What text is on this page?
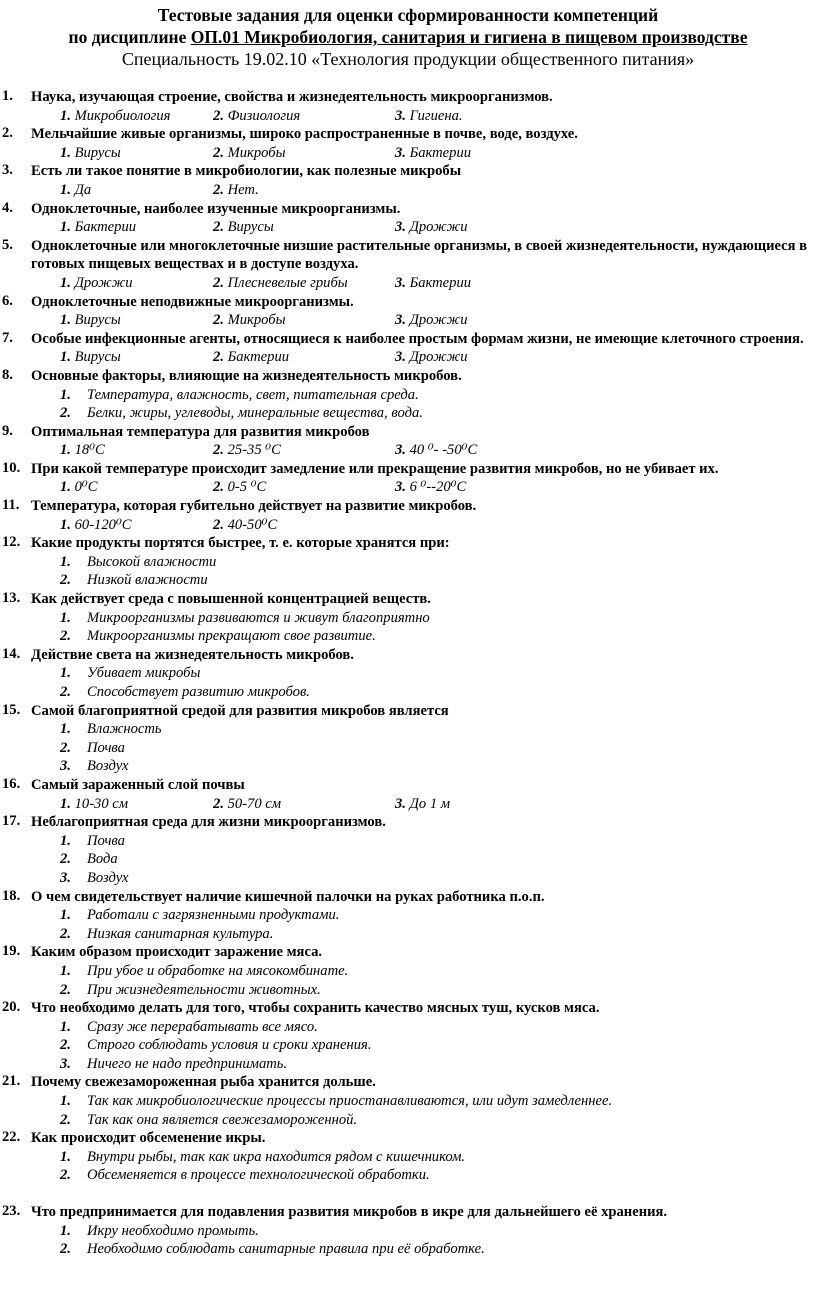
Тестовые задания для оценки сформированности компетенций
по дисциплине ОП.01 Микробиология, санитария и гигиена в пищевом производстве
Специальность 19.02.10 «Технология продукции общественного питания»
1. Наука, изучающая строение, свойства и жизнедеятельность микроорганизмов.
1. Микробиология	2. Физиология	3. Гигиена.
2. Мельчайшие живые организмы, широко распространенные в почве, воде, воздухе.
1. Вирусы	2. Микробы	3. Бактерии
3. Есть ли такое понятие в микробиологии, как полезные микробы
1. Да	2. Нет.
4. Одноклеточные, наиболее изученные микроорганизмы.
1. Бактерии	2. Вирусы	3. Дрожжи
5. Одноклеточные или многоклеточные низшие растительные организмы, в своей жизнедеятельности, нуждающиеся в готовых пищевых веществах и в доступе воздуха.
1. Дрожжи	2. Плесневелые грибы	3. Бактерии
6. Одноклеточные неподвижные микроорганизмы.
1. Вирусы	2. Микробы	3. Дрожжи
7. Особые инфекционные агенты, относящиеся к наиболее простым формам жизни, не имеющие клеточного строения.
1. Вирусы	2. Бактерии	3. Дрожжи
8. Основные факторы, влияющие на жизнедеятельность микробов.
1.	Температура, влажность, свет, питательная среда.
2.	Белки, жиры, углеводы, минеральные вещества, вода.
9. Оптимальная температура для развития микробов
1. 18⁰С	2. 25-35 ⁰С	3. 40 ⁰- -50⁰С
10. При какой температуре происходит замедление или прекращение развития микробов, но не убивает их.
1. 0⁰С	2. 0-5 ⁰С	3. 6 ⁰--20⁰С
11. Температура, которая губительно действует на развитие микробов.
1. 60-120⁰С	2. 40-50⁰С
12. Какие продукты портятся быстрее, т. е. которые хранятся при:
1.	Высокой влажности
2.	Низкой влажности
13. Как действует среда с повышенной концентрацией веществ.
1.	Микроорганизмы развиваются и живут благоприятно
2.	Микроорганизмы прекращают свое развитие.
14. Действие света на жизнедеятельность микробов.
1.	Убивает микробы
2.	Способствует развитию микробов.
15. Самой благоприятной средой для развития микробов является
1.	Влажность
2.	Почва
3.	Воздух
16. Самый зараженный слой почвы
1. 10-30 см	2. 50-70 см	3. До 1 м
17. Неблагоприятная среда для жизни микроорганизмов.
1.	Почва
2.	Вода
3.	Воздух
18. О чем свидетельствует наличие кишечной палочки на руках работника п.о.п.
1.	Работали с загрязненными продуктами.
2.	Низкая санитарная культура.
19. Каким образом происходит заражение мяса.
1.	При убое и обработке на мясокомбинате.
2.	При жизнедеятельности животных.
20. Что необходимо делать для того, чтобы сохранить качество мясных туш, кусков мяса.
1.	Сразу же перерабатывать все мясо.
2.	Строго соблюдать условия и сроки хранения.
3.	Ничего не надо предпринимать.
21. Почему свежезамороженная рыба хранится дольше.
1.	Так как микробиологические процессы приостанавливаются, или идут замедленнее.
2.	Так как она является свежезамороженной.
22. Как происходит обсеменение икры.
1.	Внутри рыбы, так как икра находится рядом с кишечником.
2.	Обсеменяется в процессе технологической обработки.
23. Что предпринимается для подавления развития микробов в икре для дальнейшего её хранения.
1.	Икру необходимо промыть.
2.	Необходимо соблюдать санитарные правила при её обработке.
